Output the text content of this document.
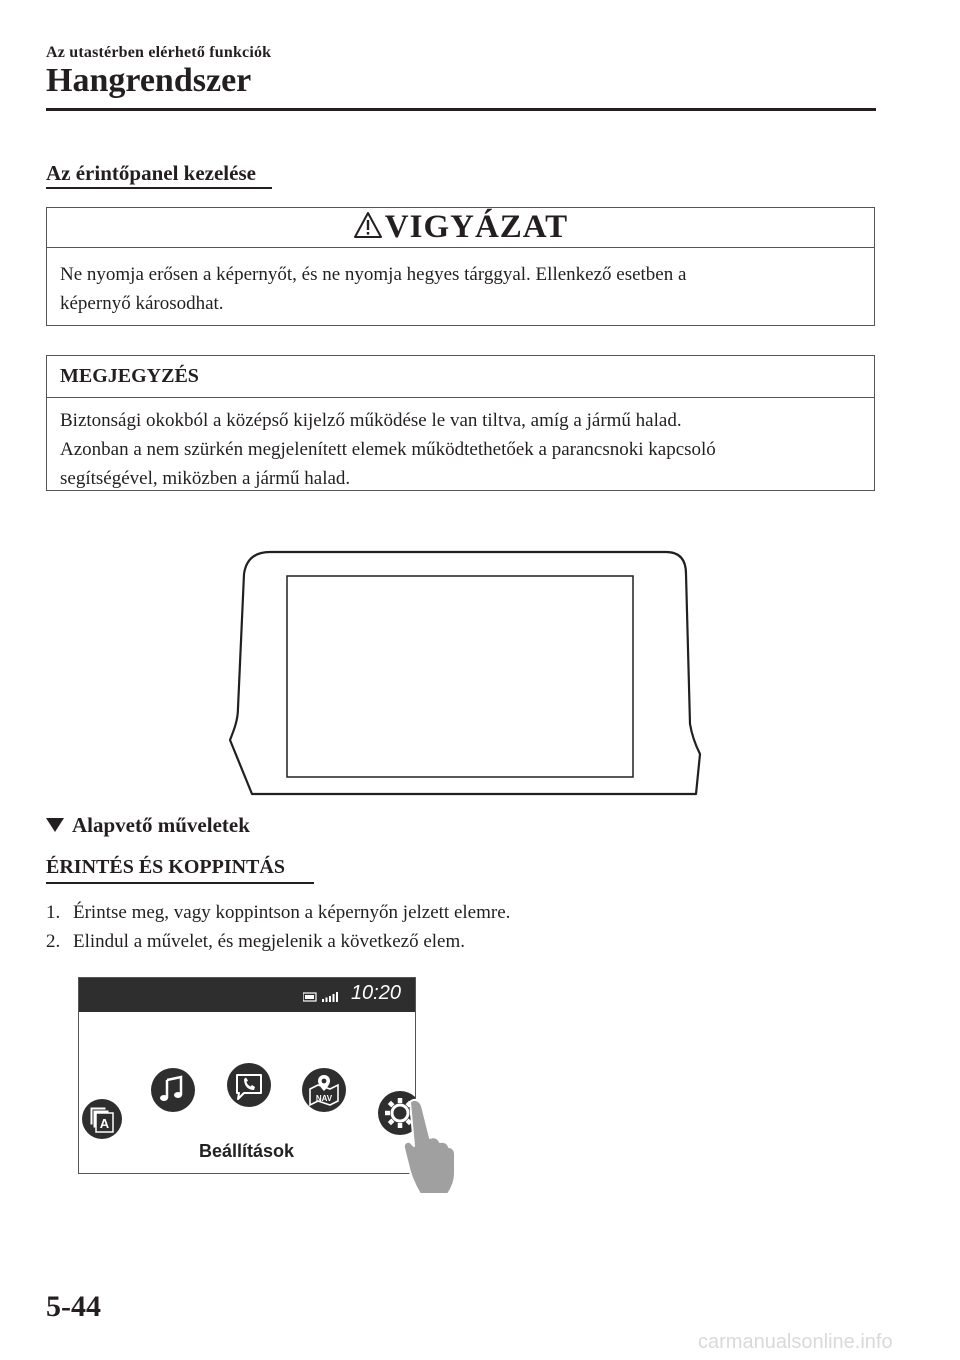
Az utastérben elérhető funkciók
Hangrendszer
Az érintőpanel kezelése
VIGYÁZAT
Ne nyomja erősen a képernyőt, és ne nyomja hegyes tárggyal. Ellenkező esetben a
képernyő károsodhat.
MEGJEGYZÉS
Biztonsági okokból a középső kijelző működése le van tiltva, amíg a jármű halad.
Azonban a nem szürkén megjelenített elemek működtethetőek a parancsnoki kapcsoló
segítségével, miközben a jármű halad.
Alapvető műveletek
ÉRINTÉS ÉS KOPPINTÁS
1. Érintse meg, vagy koppintson a képernyőn jelzett elemre.
2. Elindul a művelet, és megjelenik a következő elem.
10:20
A
NAV
Beállítások
5-44
carmanualsonline.info
